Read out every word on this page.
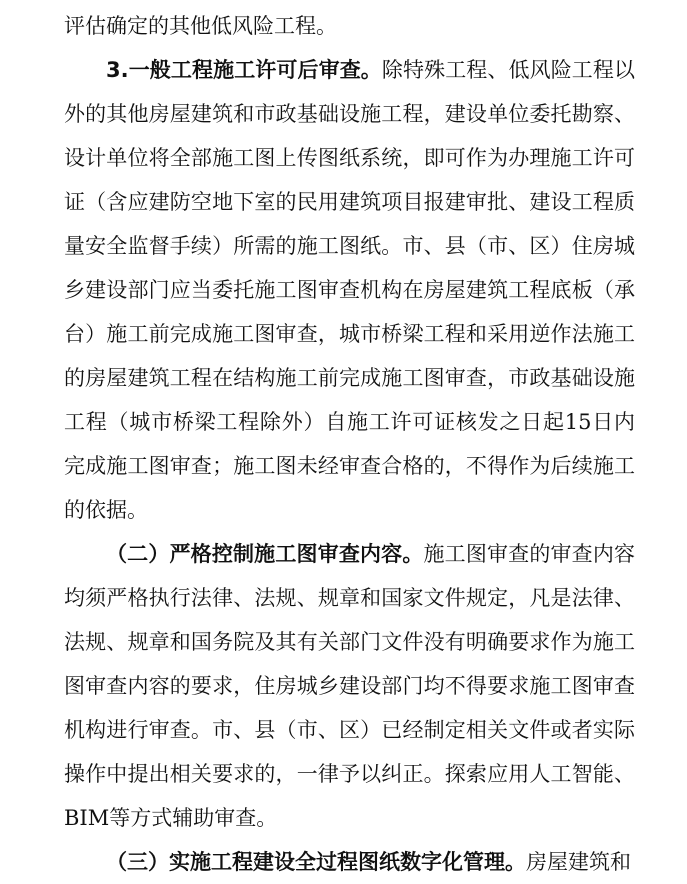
评估确定的其他低风险工程。

3.一般工程施工许可后审查。除特殊工程、低风险工程以外的其他房屋建筑和市政基础设施工程，建设单位委托勘察、设计单位将全部施工图上传图纸系统，即可作为办理施工许可证（含应建防空地下室的民用建筑项目报建审批、建设工程质量安全监督手续）所需的施工图纸。市、县（市、区）住房城乡建设部门应当委托施工图审查机构在房屋建筑工程底板（承台）施工前完成施工图审查，城市桥梁工程和采用逆作法施工的房屋建筑工程在结构施工前完成施工图审查，市政基础设施工程（城市桥梁工程除外）自施工许可证核发之日起15日内完成施工图审查；施工图未经审查合格的，不得作为后续施工的依据。

（二）严格控制施工图审查内容。施工图审查的审查内容均须严格执行法律、法规、规章和国家文件规定，凡是法律、法规、规章和国务院及其有关部门文件没有明确要求作为施工图审查内容的要求，住房城乡建设部门均不得要求施工图审查机构进行审查。市、县（市、区）已经制定相关文件或者实际操作中提出相关要求的，一律予以纠正。探索应用人工智能、BIM等方式辅助审查。

（三）实施工程建设全过程图纸数字化管理。房屋建筑和
